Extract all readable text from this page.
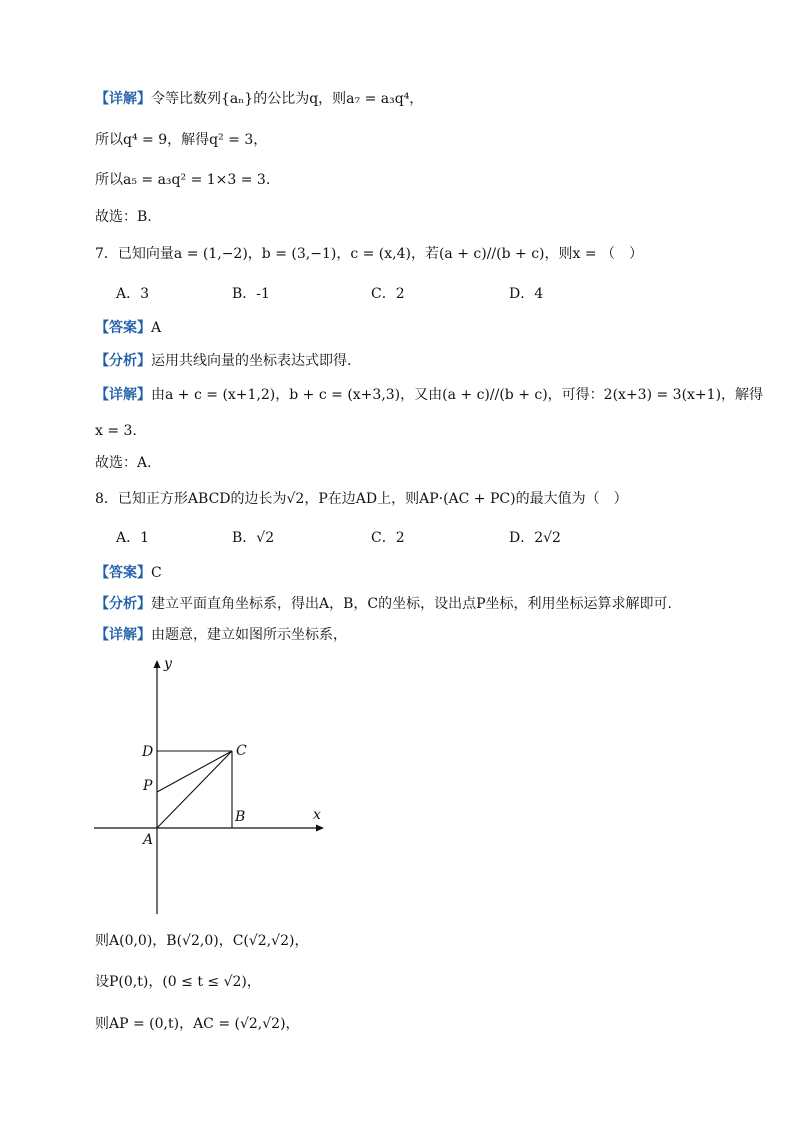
【详解】令等比数列{aₙ}的公比为q，则a₇ = a₃q⁴，
所以q⁴ = 9，解得q² = 3，
所以a₅ = a₃q² = 1×3 = 3.
故选：B.
7．已知向量a = (1,−2)，b = (3,−1)，c = (x,4)，若(a + c)//(b + c)，则x = （　）
A．3	B．-1	C．2	D．4
【答案】A
【分析】运用共线向量的坐标表达式即得.
【详解】由a + c = (x+1,2)，b + c = (x+3,3)，又由(a + c)//(b + c)，可得：2(x+3) = 3(x+1)，解得
x = 3.
故选：A.
8．已知正方形ABCD的边长为√2，P在边AD上，则AP·(AC + PC)的最大值为（　）
A．1	B．√2	C．2	D．2√2
【答案】C
【分析】建立平面直角坐标系，得出A，B，C的坐标，设出点P坐标，利用坐标运算求解即可.
【详解】由题意，建立如图所示坐标系，
y
x
D	C
P
B
A
则A(0,0)，B(√2,0)，C(√2,√2)，
设P(0,t)，(0 ≤ t ≤ √2)，
则AP = (0,t)，AC = (√2,√2)，
